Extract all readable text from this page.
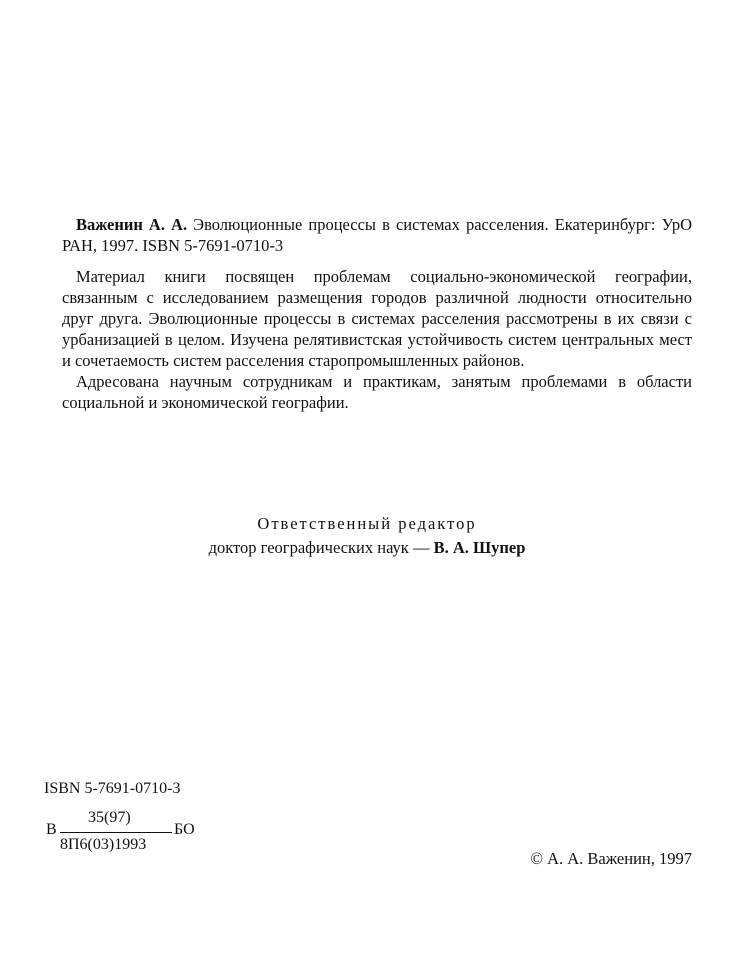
Важенин А. А. Эволюционные процессы в системах расселения. Екатеринбург: УрО РАН, 1997. ISBN 5-7691-0710-3

Материал книги посвящен проблемам социально-экономической географии, связанным с исследованием размещения городов различной людности относительно друг друга. Эволюционные процессы в системах расселения рассмотрены в их связи с урбанизацией в целом. Изучена релятивистская устойчивость систем центральных мест и сочетаемость систем расселения старопромышленных районов.

Адресована научным сотрудникам и практикам, занятым проблемами в области социальной и экономической географии.

Ответственный редактор
доктор географических наук — В. А. Шупер
ISBN 5-7691-0710-3
В
35(97)
8П6(03)1993
БО
© А. А. Важенин, 1997
